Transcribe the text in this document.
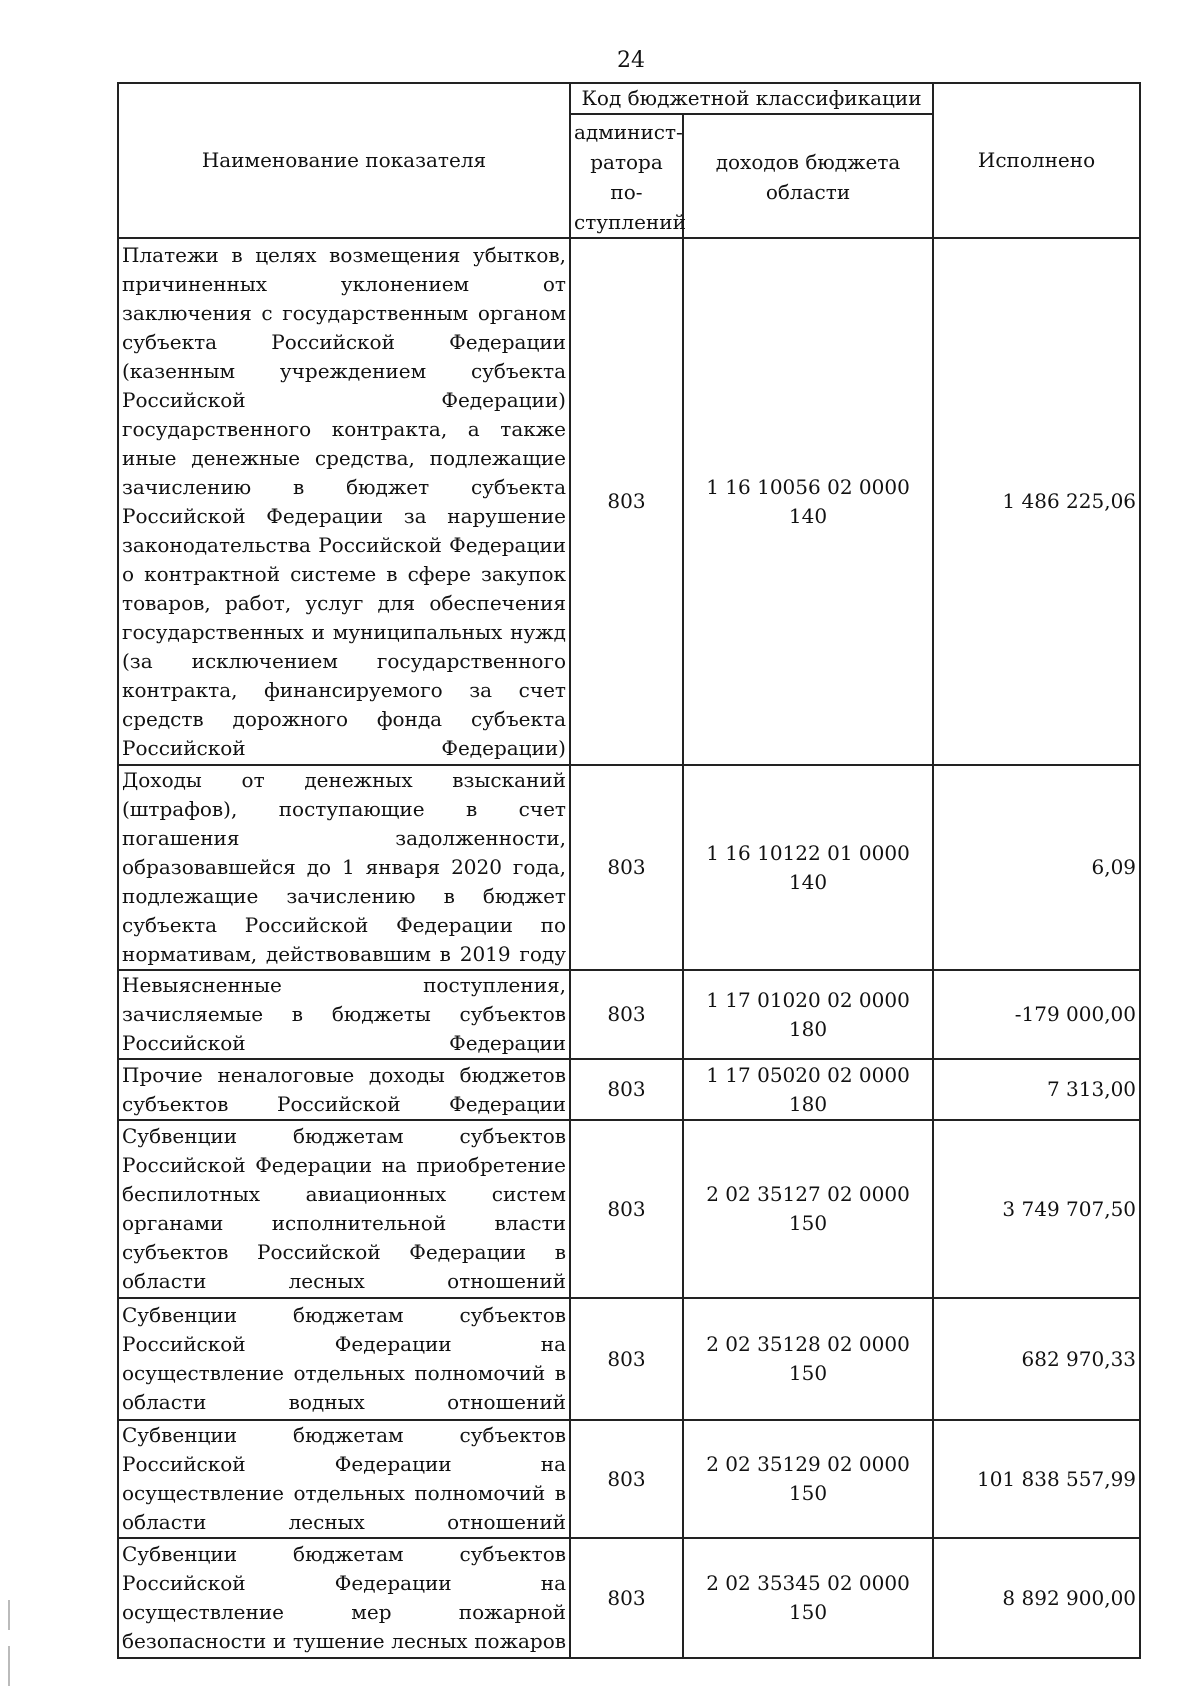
24
Наименование показателя	Код бюджетной классификации		Исполнено
	админист-ратора по-ступлений	доходов бюджета области	
Платежи в целях возмещения убытков, причиненных уклонением от заключения с государственным органом субъекта Российской Федерации (казенным учреждением субъекта Российской Федерации) государственного контракта, а также иные денежные средства, подлежащие зачислению в бюджет субъекта Российской Федерации за нарушение законодательства Российской Федерации о контрактной системе в сфере закупок товаров, работ, услуг для обеспечения государственных и муниципальных нужд (за исключением государственного контракта, финансируемого за счет средств дорожного фонда субъекта Российской Федерации)	803	1 16 10056 02 0000 140	1 486 225,06
Доходы от денежных взысканий (штрафов), поступающие в счет погашения задолженности, образовавшейся до 1 января 2020 года, подлежащие зачислению в бюджет субъекта Российской Федерации по нормативам, действовавшим в 2019 году	803	1 16 10122 01 0000 140	6,09
Невыясненные поступления, зачисляемые в бюджеты субъектов Российской Федерации	803	1 17 01020 02 0000 180	-179 000,00
Прочие неналоговые доходы бюджетов субъектов Российской Федерации	803	1 17 05020 02 0000 180	7 313,00
Субвенции бюджетам субъектов Российской Федерации на приобретение беспилотных авиационных систем органами исполнительной власти субъектов Российской Федерации в области лесных отношений	803	2 02 35127 02 0000 150	3 749 707,50
Субвенции бюджетам субъектов Российской Федерации на осуществление отдельных полномочий в области водных отношений	803	2 02 35128 02 0000 150	682 970,33
Субвенции бюджетам субъектов Российской Федерации на осуществление отдельных полномочий в области лесных отношений	803	2 02 35129 02 0000 150	101 838 557,99
Субвенции бюджетам субъектов Российской Федерации на осуществление мер пожарной безопасности и тушение лесных пожаров	803	2 02 35345 02 0000 150	8 892 900,00
